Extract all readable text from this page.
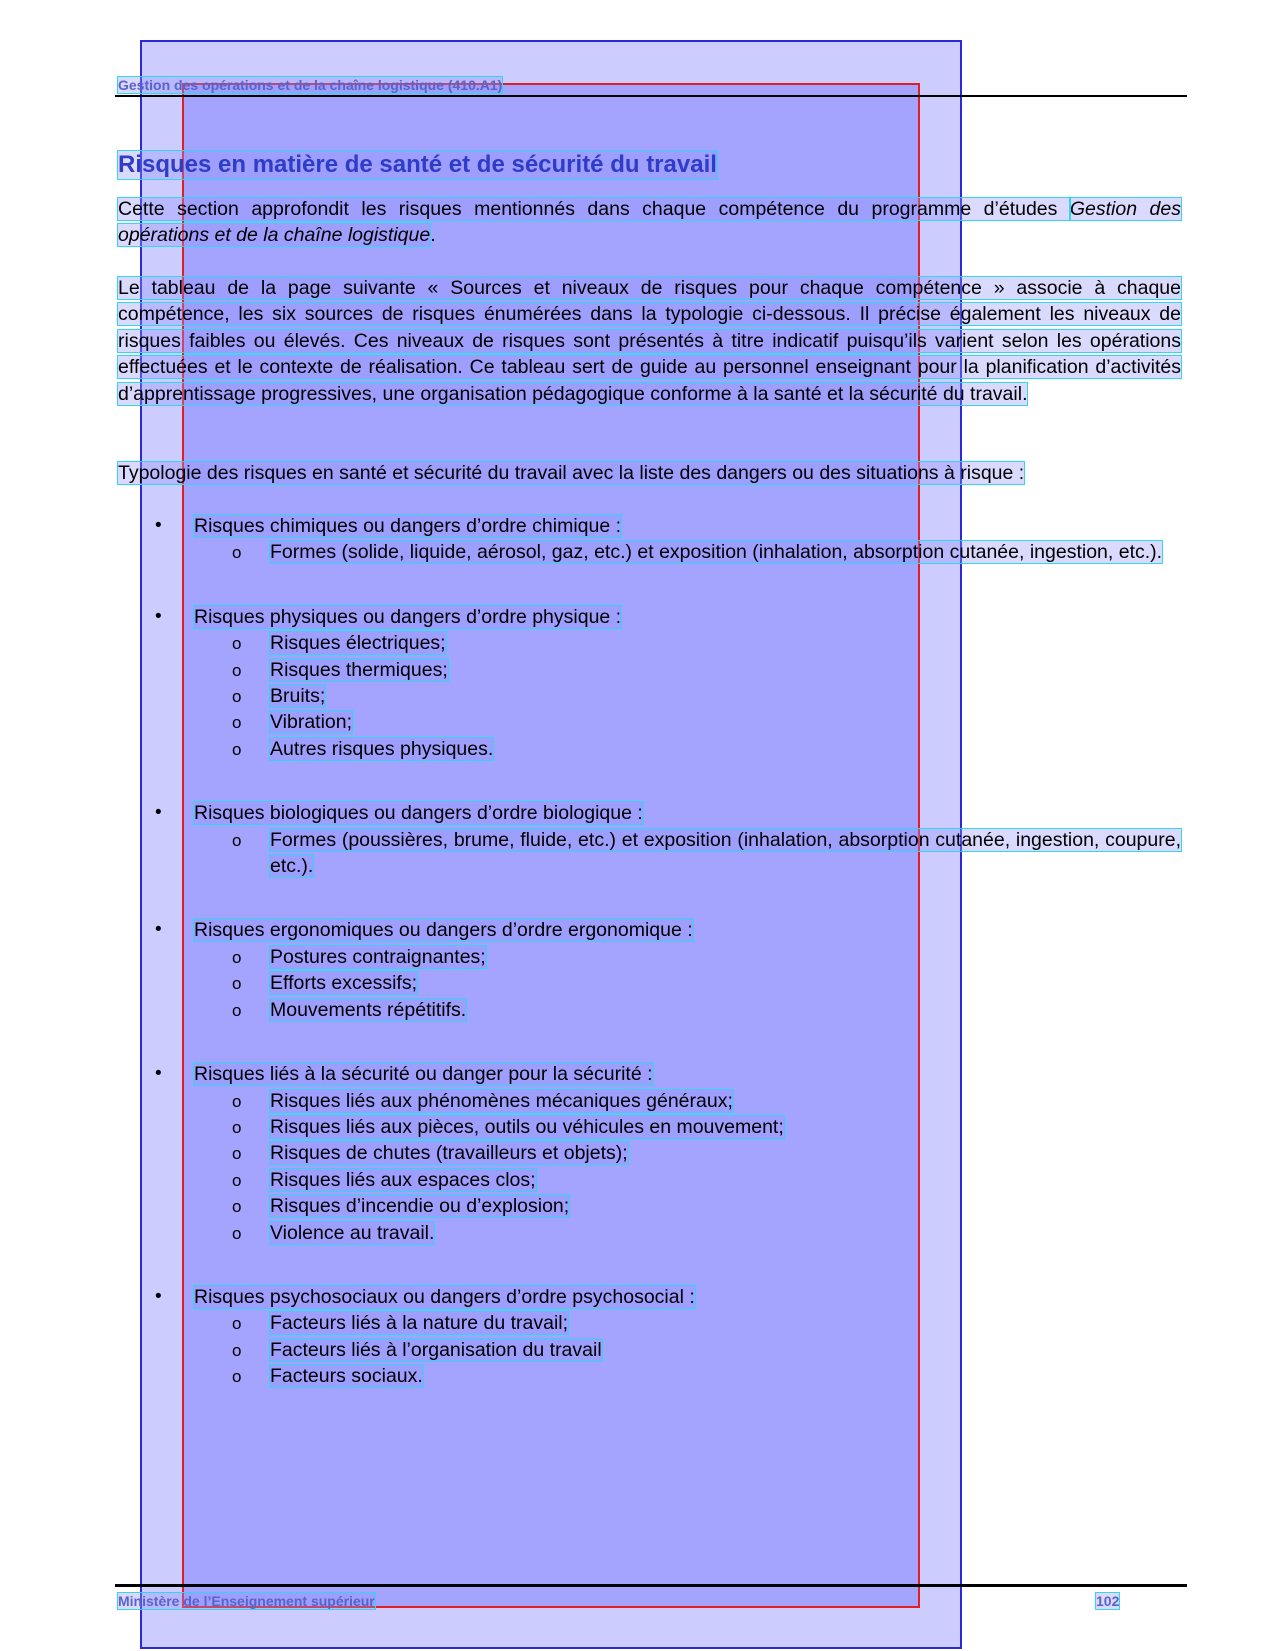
Gestion des opérations et de la chaîne logistique (410.A1)
Risques en matière de santé et de sécurité du travail

Cette section approfondit les risques mentionnés dans chaque compétence du programme d’études Gestion des opérations et de la chaîne logistique.

Le tableau de la page suivante « Sources et niveaux de risques pour chaque compétence » associe à chaque compétence, les six sources de risques énumérées dans la typologie ci-dessous. Il précise également les niveaux de risques faibles ou élevés. Ces niveaux de risques sont présentés à titre indicatif puisqu’ils varient selon les opérations effectuées et le contexte de réalisation. Ce tableau sert de guide au personnel enseignant pour la planification d’activités d’apprentissage progressives, une organisation pédagogique conforme à la santé et la sécurité du travail.

Typologie des risques en santé et sécurité du travail avec la liste des dangers ou des situations à risque :

• Risques chimiques ou dangers d’ordre chimique :
o Formes (solide, liquide, aérosol, gaz, etc.) et exposition (inhalation, absorption cutanée, ingestion, etc.).
• Risques physiques ou dangers d’ordre physique :
o Risques électriques;
o Risques thermiques;
o Bruits;
o Vibration;
o Autres risques physiques.
• Risques biologiques ou dangers d’ordre biologique :
o Formes (poussières, brume, fluide, etc.) et exposition (inhalation, absorption cutanée, ingestion, coupure, etc.).
• Risques ergonomiques ou dangers d’ordre ergonomique :
o Postures contraignantes;
o Efforts excessifs;
o Mouvements répétitifs.
• Risques liés à la sécurité ou danger pour la sécurité :
o Risques liés aux phénomènes mécaniques généraux;
o Risques liés aux pièces, outils ou véhicules en mouvement;
o Risques de chutes (travailleurs et objets);
o Risques liés aux espaces clos;
o Risques d’incendie ou d’explosion;
o Violence au travail.
• Risques psychosociaux ou dangers d’ordre psychosocial :
o Facteurs liés à la nature du travail;
o Facteurs liés à l’organisation du travail
o Facteurs sociaux.
Ministère de l’Enseignement supérieur	102
